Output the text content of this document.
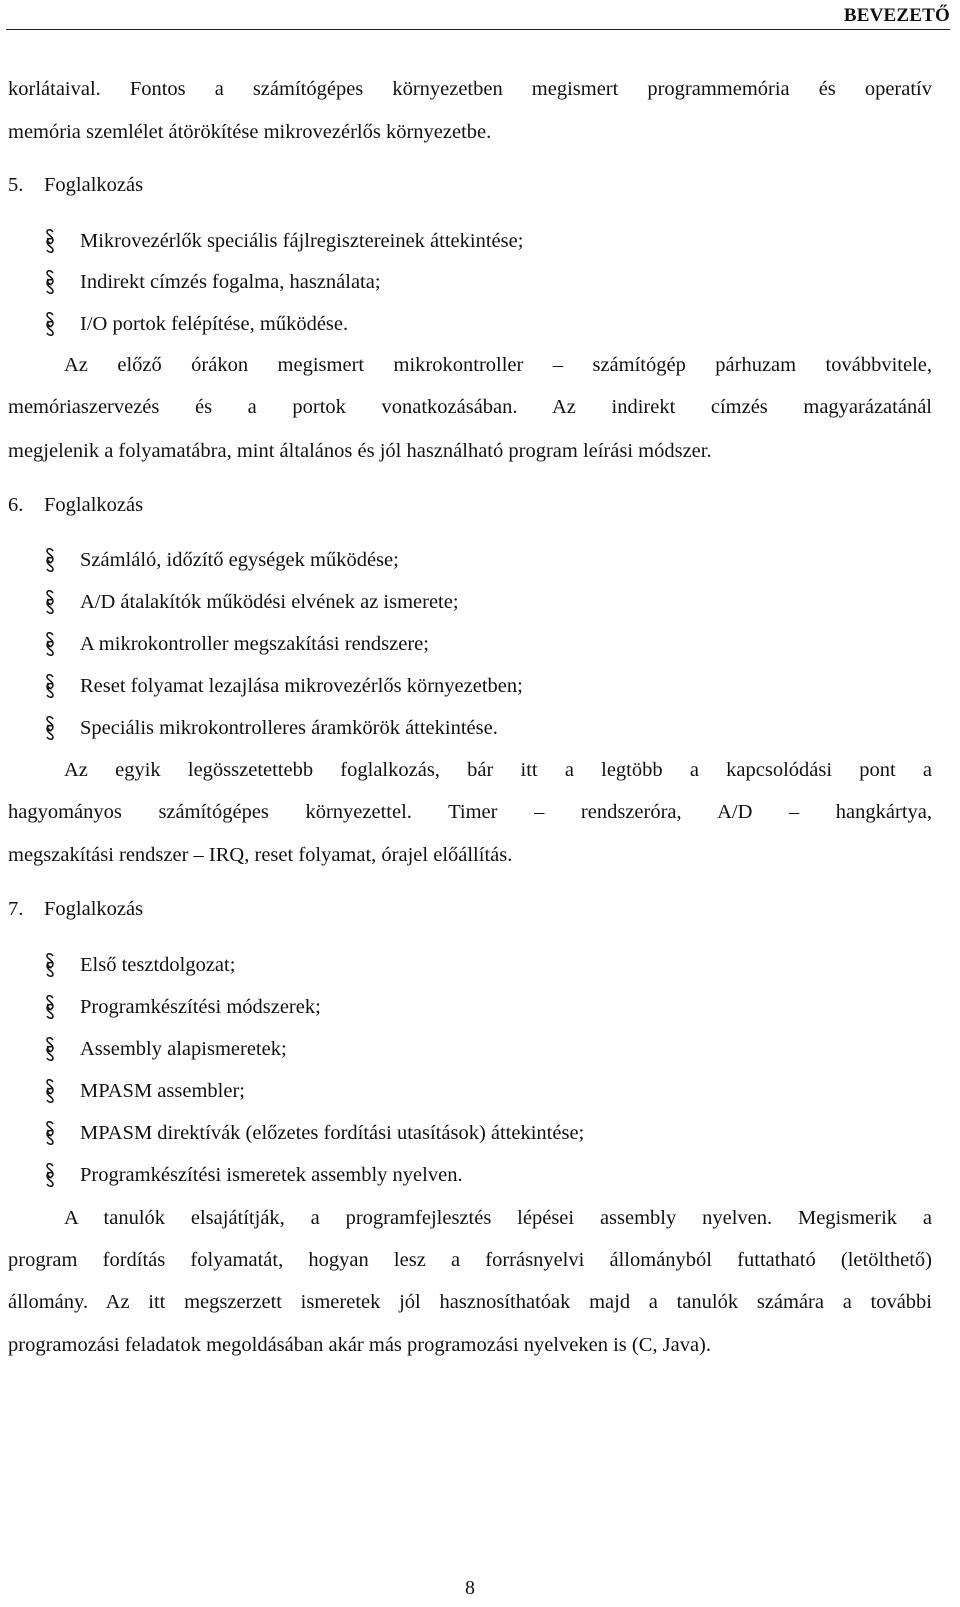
BEVEZETŐ
korlátaival. Fontos a számítógépes környezetben megismert programmemória és operatív
memória szemlélet átörökítése mikrovezérlős környezetbe.
5. Foglalkozás
Mikrovezérlők speciális fájlregisztereinek áttekintése;
Indirekt címzés fogalma, használata;
I/O portok felépítése, működése.
Az előző órákon megismert mikrokontroller – számítógép párhuzam továbbvitele,
memóriaszervezés és a portok vonatkozásában. Az indirekt címzés magyarázatánál
megjelenik a folyamatábra, mint általános és jól használható program leírási módszer.
6. Foglalkozás
Számláló, időzítő egységek működése;
A/D átalakítók működési elvének az ismerete;
A mikrokontroller megszakítási rendszere;
Reset folyamat lezajlása mikrovezérlős környezetben;
Speciális mikrokontrolleres áramkörök áttekintése.
Az egyik legösszetettebb foglalkozás, bár itt a legtöbb a kapcsolódási pont a
hagyományos számítógépes környezettel. Timer – rendszeróra, A/D – hangkártya,
megszakítási rendszer – IRQ, reset folyamat, órajel előállítás.
7. Foglalkozás
Első tesztdolgozat;
Programkészítési módszerek;
Assembly alapismeretek;
MPASM assembler;
MPASM direktívák (előzetes fordítási utasítások) áttekintése;
Programkészítési ismeretek assembly nyelven.
A tanulók elsajátítják, a programfejlesztés lépései assembly nyelven. Megismerik a
program fordítás folyamatát, hogyan lesz a forrásnyelvi állományból futtatható (letölthető)
állomány. Az itt megszerzett ismeretek jól hasznosíthatóak majd a tanulók számára a további
programozási feladatok megoldásában akár más programozási nyelveken is (C, Java).
8
